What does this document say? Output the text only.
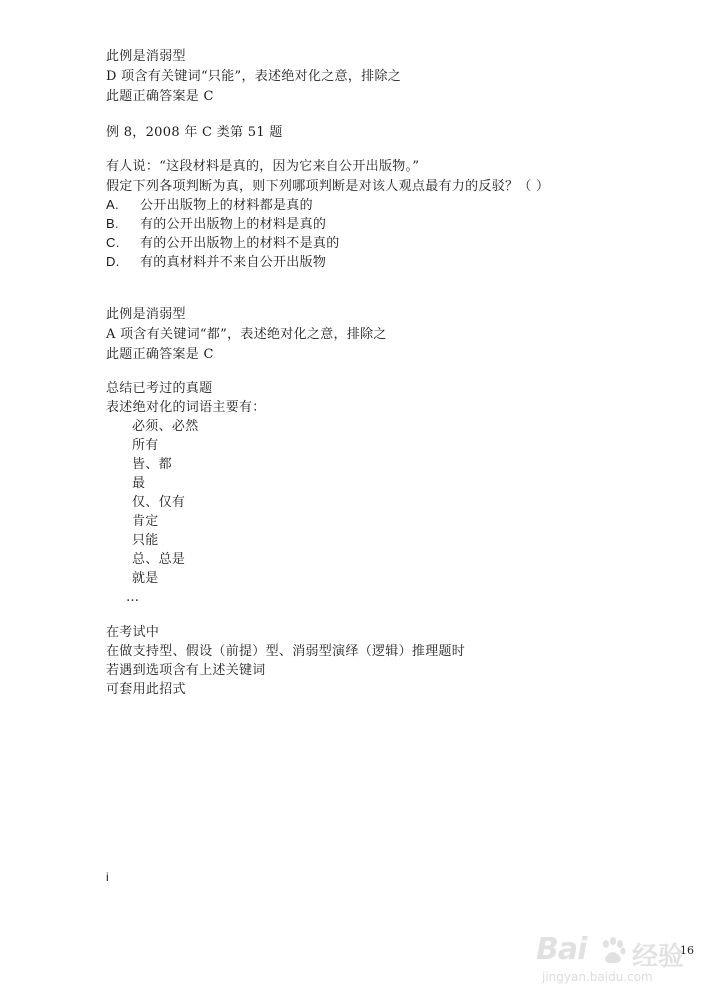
此例是消弱型
D 项含有关键词“只能”，表述绝对化之意，排除之
此题正确答案是 C
例 8，2008 年 C 类第 51 题
有人说：“这段材料是真的，因为它来自公开出版物。”
假定下列各项判断为真，则下列哪项判断是对该人观点最有力的反驳？（ ）
A. 公开出版物上的材料都是真的
B. 有的公开出版物上的材料是真的
C. 有的公开出版物上的材料不是真的
D. 有的真材料并不来自公开出版物
此例是消弱型
A 项含有关键词“都”，表述绝对化之意，排除之
此题正确答案是 C
总结已考过的真题
表述绝对化的词语主要有：
必须、必然
所有
皆、都
最
仅、仅有
肯定
只能
总、总是
就是
…
在考试中
在做支持型、假设（前提）型、消弱型演绎（逻辑）推理题时
若遇到选项含有上述关键词
可套用此招式
i
16
Bai 经验
jingyan.baidu.com
